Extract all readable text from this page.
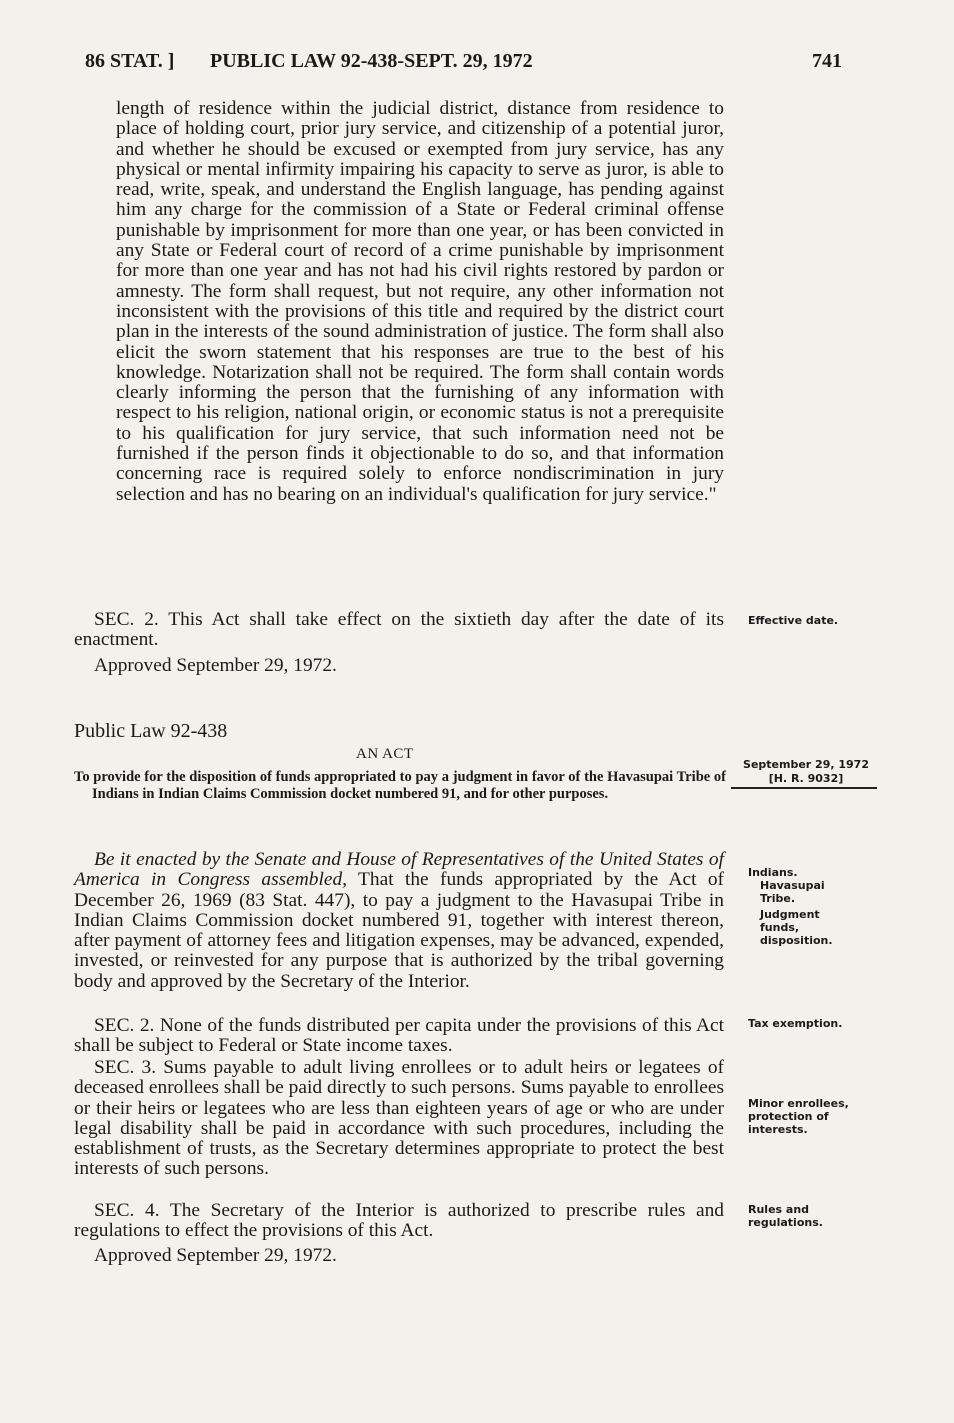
86 STAT. ] PUBLIC LAW 92-438-SEPT. 29, 1972	741
length of residence within the judicial district, distance from residence to place of holding court, prior jury service, and citizenship of a potential juror, and whether he should be excused or exempted from jury service, has any physical or mental infirmity impairing his capacity to serve as juror, is able to read, write, speak, and understand the English language, has pending against him any charge for the commission of a State or Federal criminal offense punishable by imprisonment for more than one year, or has been convicted in any State or Federal court of record of a crime punishable by imprisonment for more than one year and has not had his civil rights restored by pardon or amnesty. The form shall request, but not require, any other information not inconsistent with the provisions of this title and required by the district court plan in the interests of the sound administration of justice. The form shall also elicit the sworn statement that his responses are true to the best of his knowledge. Notarization shall not be required. The form shall contain words clearly informing the person that the furnishing of any information with respect to his religion, national origin, or economic status is not a prerequisite to his qualification for jury service, that such information need not be furnished if the person finds it objectionable to do so, and that information concerning race is required solely to enforce nondiscrimination in jury selection and has no bearing on an individual's qualification for jury service."
SEC. 2. This Act shall take effect on the sixtieth day after the date of its enactment.
Approved September 29, 1972.
Effective date.
Public Law 92-438
AN ACT

To provide for the disposition of funds appropriated to pay a judgment in favor of the Havasupai Tribe of Indians in Indian Claims Commission docket numbered 91, and for other purposes.

September 29, 1972
[H. R. 9032]
Be it enacted by the Senate and House of Representatives of the United States of America in Congress assembled, That the funds appropriated by the Act of December 26, 1969 (83 Stat. 447), to pay a judgment to the Havasupai Tribe in Indian Claims Commission docket numbered 91, together with interest thereon, after payment of attorney fees and litigation expenses, may be advanced, expended, invested, or reinvested for any purpose that is authorized by the tribal governing body and approved by the Secretary of the Interior.
SEC. 2. None of the funds distributed per capita under the provisions of this Act shall be subject to Federal or State income taxes.
SEC. 3. Sums payable to adult living enrollees or to adult heirs or legatees of deceased enrollees shall be paid directly to such persons. Sums payable to enrollees or their heirs or legatees who are less than eighteen years of age or who are under legal disability shall be paid in accordance with such procedures, including the establishment of trusts, as the Secretary determines appropriate to protect the best interests of such persons.
SEC. 4. The Secretary of the Interior is authorized to prescribe rules and regulations to effect the provisions of this Act.
Approved September 29, 1972.
Indians.
Havasupai Tribe.
Judgment funds, disposition.
Tax exemption.
Minor enrollees, protection of interests.
Rules and regulations.
